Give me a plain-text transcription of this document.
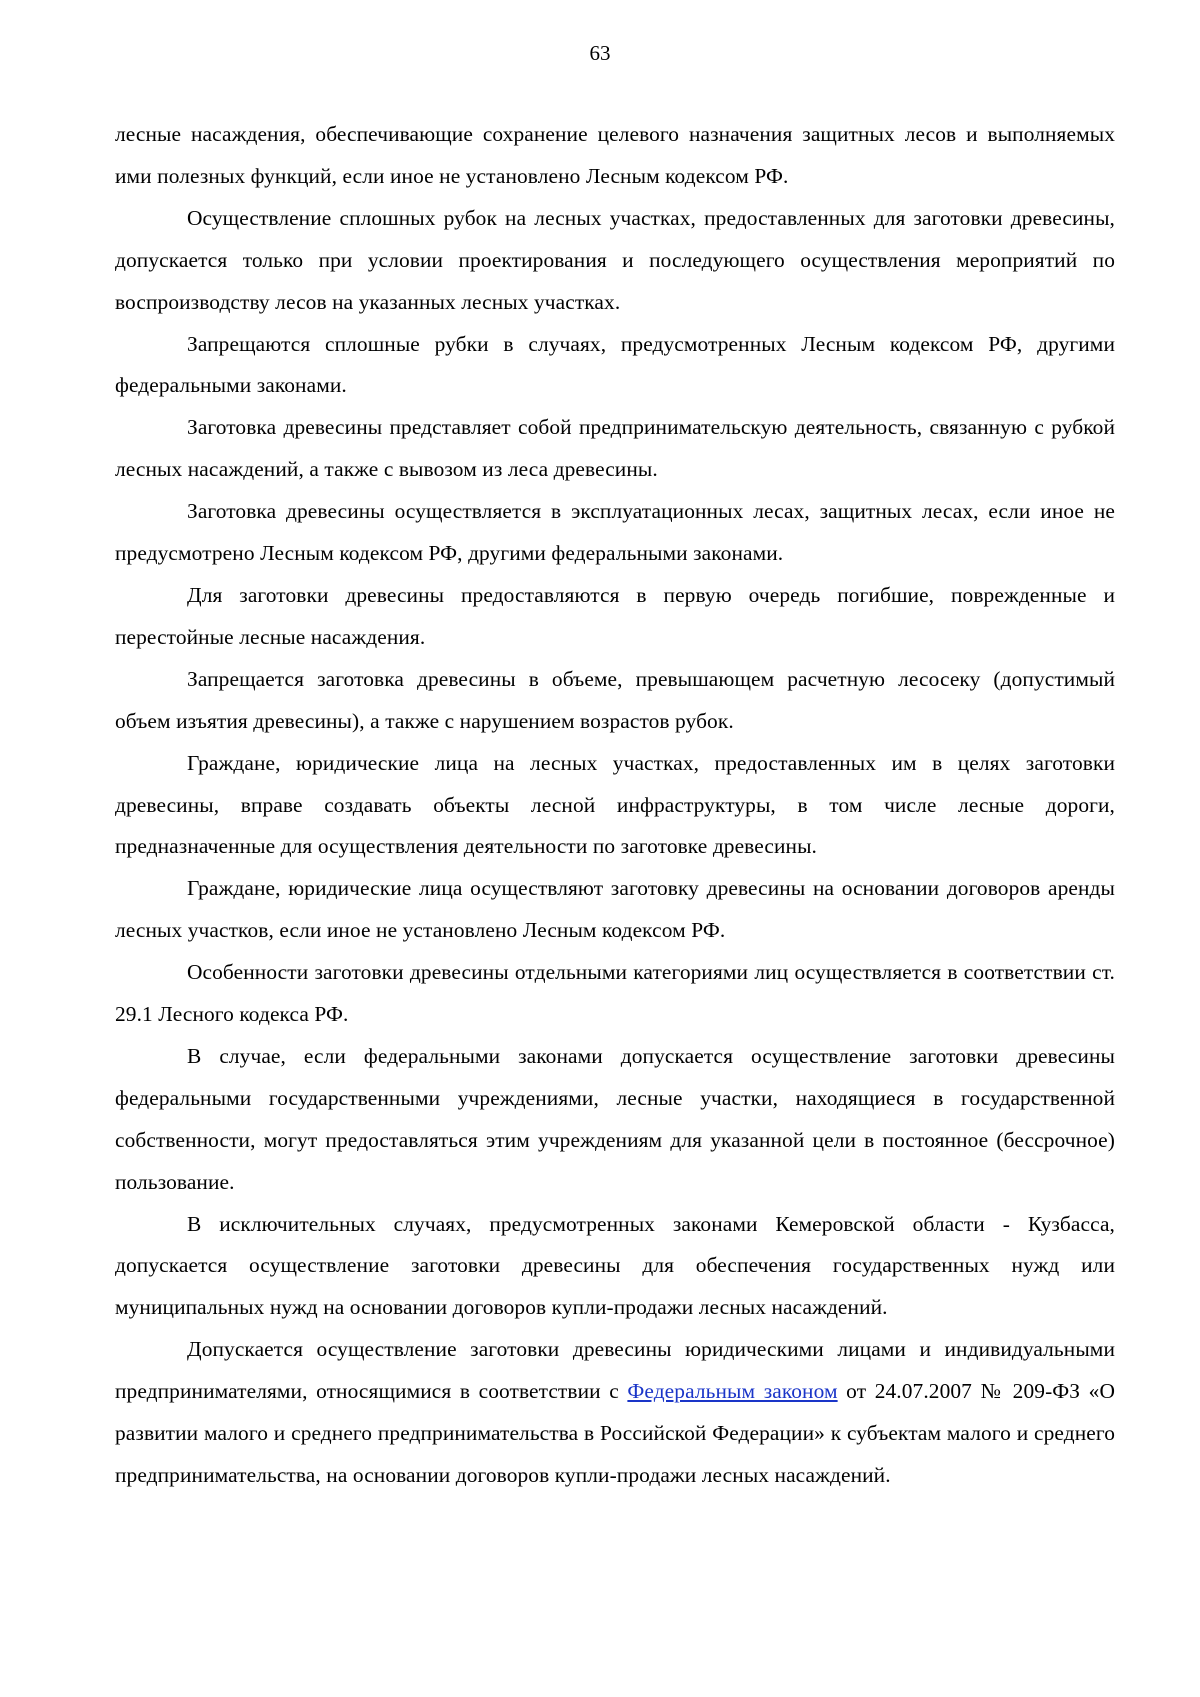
63

лесные насаждения, обеспечивающие сохранение целевого назначения защитных лесов и выполняемых ими полезных функций, если иное не установлено Лесным кодексом РФ.

Осуществление сплошных рубок на лесных участках, предоставленных для заготовки древесины, допускается только при условии проектирования и последующего осуществления мероприятий по воспроизводству лесов на указанных лесных участках.

Запрещаются сплошные рубки в случаях, предусмотренных Лесным кодексом РФ, другими федеральными законами.

Заготовка древесины представляет собой предпринимательскую деятельность, связанную с рубкой лесных насаждений, а также с вывозом из леса древесины.

Заготовка древесины осуществляется в эксплуатационных лесах, защитных лесах, если иное не предусмотрено Лесным кодексом РФ, другими федеральными законами.

Для заготовки древесины предоставляются в первую очередь погибшие, поврежденные и перестойные лесные насаждения.

Запрещается заготовка древесины в объеме, превышающем расчетную лесосеку (допустимый объем изъятия древесины), а также с нарушением возрастов рубок.

Граждане, юридические лица на лесных участках, предоставленных им в целях заготовки древесины, вправе создавать объекты лесной инфраструктуры, в том числе лесные дороги, предназначенные для осуществления деятельности по заготовке древесины.

Граждане, юридические лица осуществляют заготовку древесины на основании договоров аренды лесных участков, если иное не установлено Лесным кодексом РФ.

Особенности заготовки древесины отдельными категориями лиц осуществляется в соответствии ст. 29.1 Лесного кодекса РФ.

В случае, если федеральными законами допускается осуществление заготовки древесины федеральными государственными учреждениями, лесные участки, находящиеся в государственной собственности, могут предоставляться этим учреждениям для указанной цели в постоянное (бессрочное) пользование.

В исключительных случаях, предусмотренных законами Кемеровской области - Кузбасса, допускается осуществление заготовки древесины для обеспечения государственных нужд или муниципальных нужд на основании договоров купли-продажи лесных насаждений.

Допускается осуществление заготовки древесины юридическими лицами и индивидуальными предпринимателями, относящимися в соответствии с Федеральным законом от 24.07.2007 № 209-ФЗ «О развитии малого и среднего предпринимательства в Российской Федерации» к субъектам малого и среднего предпринимательства, на основании договоров купли-продажи лесных насаждений.
